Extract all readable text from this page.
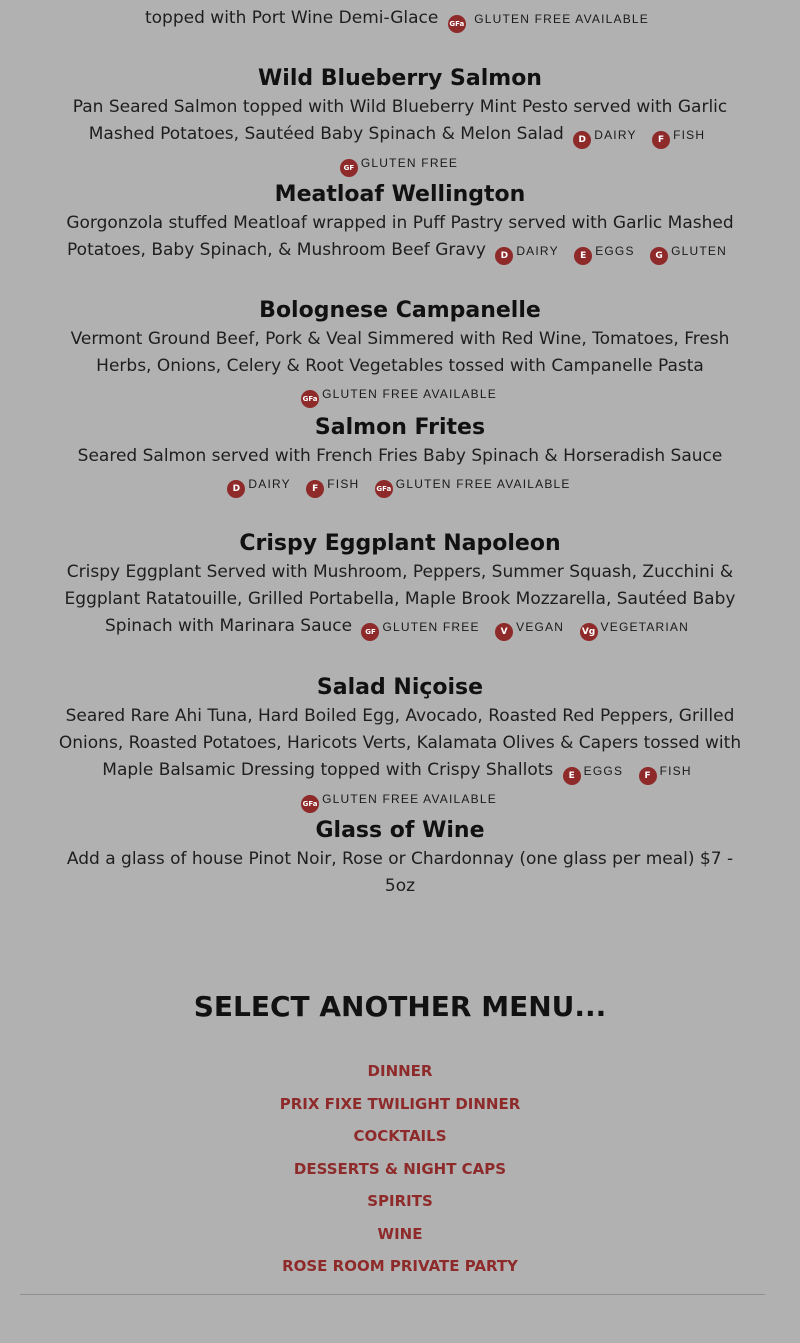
topped with Port Wine Demi-Glace GFa GLUTEN FREE AVAILABLE
Wild Blueberry Salmon
Pan Seared Salmon topped with Wild Blueberry Mint Pesto served with Garlic Mashed Potatoes, Sautéed Baby Spinach & Melon Salad D DAIRY F FISH GF GLUTEN FREE
Meatloaf Wellington
Gorgonzola stuffed Meatloaf wrapped in Puff Pastry served with Garlic Mashed Potatoes, Baby Spinach, & Mushroom Beef Gravy D DAIRY E EGGS G GLUTEN
Bolognese Campanelle
Vermont Ground Beef, Pork & Veal Simmered with Red Wine, Tomatoes, Fresh Herbs, Onions, Celery & Root Vegetables tossed with Campanelle Pasta GFa GLUTEN FREE AVAILABLE
Salmon Frites
Seared Salmon served with French Fries Baby Spinach & Horseradish Sauce D DAIRY F FISH GFa GLUTEN FREE AVAILABLE
Crispy Eggplant Napoleon
Crispy Eggplant Served with Mushroom, Peppers, Summer Squash, Zucchini & Eggplant Ratatouille, Grilled Portabella, Maple Brook Mozzarella, Sautéed Baby Spinach with Marinara Sauce GF GLUTEN FREE V VEGAN Vg VEGETARIAN
Salad Niçoise
Seared Rare Ahi Tuna, Hard Boiled Egg, Avocado, Roasted Red Peppers, Grilled Onions, Roasted Potatoes, Haricots Verts, Kalamata Olives & Capers tossed with Maple Balsamic Dressing topped with Crispy Shallots E EGGS F FISH GFa GLUTEN FREE AVAILABLE
Glass of Wine
Add a glass of house Pinot Noir, Rose or Chardonnay (one glass per meal) $7 - 5oz
SELECT ANOTHER MENU...
DINNER
PRIX FIXE TWILIGHT DINNER
COCKTAILS
DESSERTS & NIGHT CAPS
SPIRITS
WINE
ROSE ROOM PRIVATE PARTY
